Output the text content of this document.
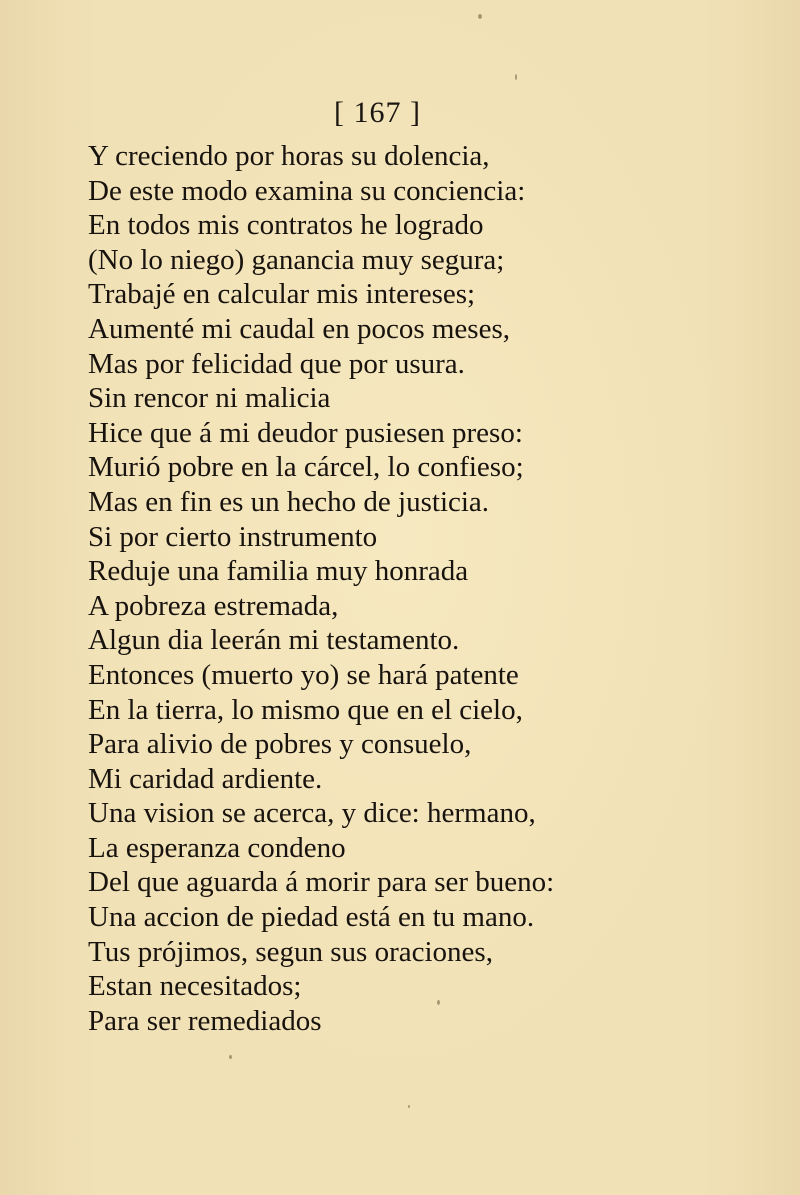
[ 167 ]
Y creciendo por horas su dolencia,
De este modo examina su conciencia:
En todos mis contratos he logrado
(No lo niego) ganancia muy segura;
Trabajé en calcular mis intereses;
Aumenté mi caudal en pocos meses,
Mas por felicidad que por usura.
Sin rencor ni malicia
Hice que á mi deudor pusiesen preso:
Murió pobre en la cárcel, lo confieso;
Mas en fin es un hecho de justicia.
Si por cierto instrumento
Reduje una familia muy honrada
A pobreza estremada,
Algun dia leerán mi testamento.
Entonces (muerto yo) se hará patente
En la tierra, lo mismo que en el cielo,
Para alivio de pobres y consuelo,
Mi caridad ardiente.
Una vision se acerca, y dice: hermano,
La esperanza condeno
Del que aguarda á morir para ser bueno:
Una accion de piedad está en tu mano.
Tus prójimos, segun sus oraciones,
Estan necesitados;
Para ser remediados
